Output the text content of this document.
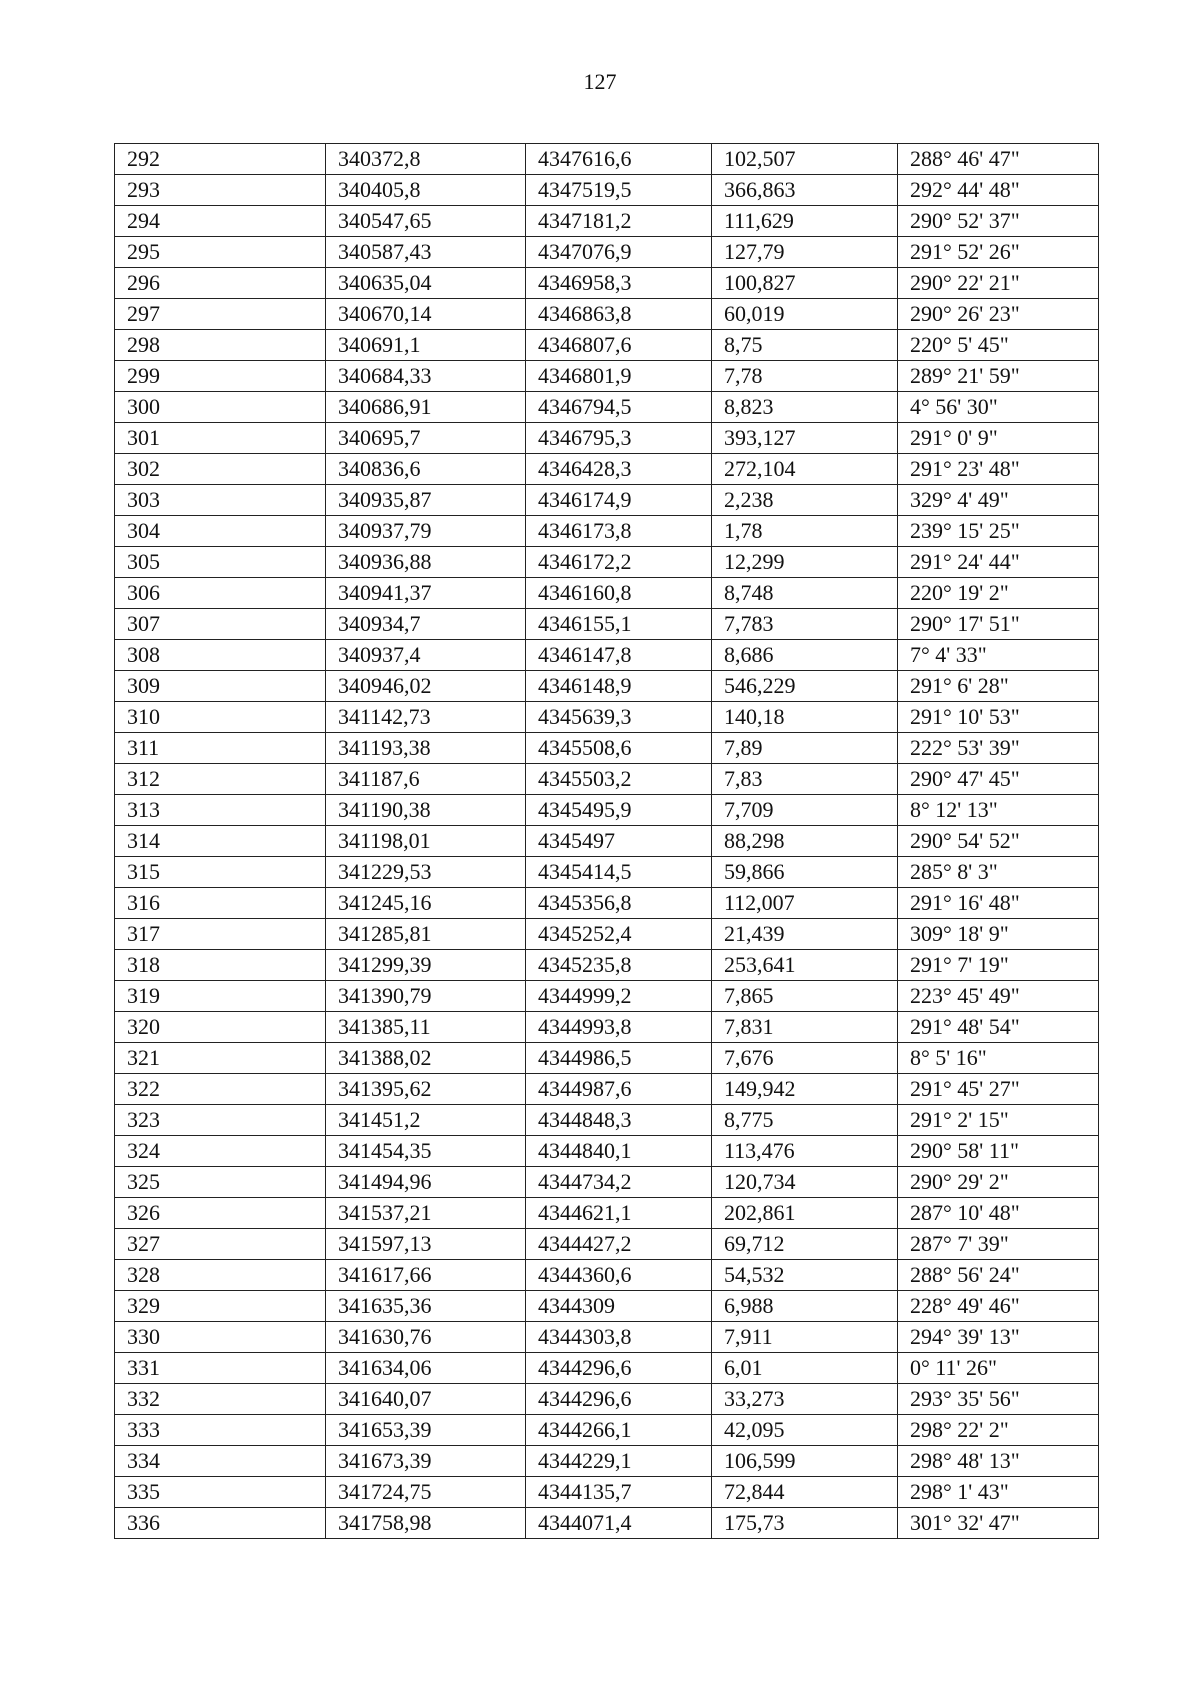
127
292	340372,8	4347616,6	102,507	288° 46' 47"
293	340405,8	4347519,5	366,863	292° 44' 48"
294	340547,65	4347181,2	111,629	290° 52' 37"
295	340587,43	4347076,9	127,79	291° 52' 26"
296	340635,04	4346958,3	100,827	290° 22' 21"
297	340670,14	4346863,8	60,019	290° 26' 23"
298	340691,1	4346807,6	8,75	220° 5' 45"
299	340684,33	4346801,9	7,78	289° 21' 59"
300	340686,91	4346794,5	8,823	4° 56' 30"
301	340695,7	4346795,3	393,127	291° 0' 9"
302	340836,6	4346428,3	272,104	291° 23' 48"
303	340935,87	4346174,9	2,238	329° 4' 49"
304	340937,79	4346173,8	1,78	239° 15' 25"
305	340936,88	4346172,2	12,299	291° 24' 44"
306	340941,37	4346160,8	8,748	220° 19' 2"
307	340934,7	4346155,1	7,783	290° 17' 51"
308	340937,4	4346147,8	8,686	7° 4' 33"
309	340946,02	4346148,9	546,229	291° 6' 28"
310	341142,73	4345639,3	140,18	291° 10' 53"
311	341193,38	4345508,6	7,89	222° 53' 39"
312	341187,6	4345503,2	7,83	290° 47' 45"
313	341190,38	4345495,9	7,709	8° 12' 13"
314	341198,01	4345497	88,298	290° 54' 52"
315	341229,53	4345414,5	59,866	285° 8' 3"
316	341245,16	4345356,8	112,007	291° 16' 48"
317	341285,81	4345252,4	21,439	309° 18' 9"
318	341299,39	4345235,8	253,641	291° 7' 19"
319	341390,79	4344999,2	7,865	223° 45' 49"
320	341385,11	4344993,8	7,831	291° 48' 54"
321	341388,02	4344986,5	7,676	8° 5' 16"
322	341395,62	4344987,6	149,942	291° 45' 27"
323	341451,2	4344848,3	8,775	291° 2' 15"
324	341454,35	4344840,1	113,476	290° 58' 11"
325	341494,96	4344734,2	120,734	290° 29' 2"
326	341537,21	4344621,1	202,861	287° 10' 48"
327	341597,13	4344427,2	69,712	287° 7' 39"
328	341617,66	4344360,6	54,532	288° 56' 24"
329	341635,36	4344309	6,988	228° 49' 46"
330	341630,76	4344303,8	7,911	294° 39' 13"
331	341634,06	4344296,6	6,01	0° 11' 26"
332	341640,07	4344296,6	33,273	293° 35' 56"
333	341653,39	4344266,1	42,095	298° 22' 2"
334	341673,39	4344229,1	106,599	298° 48' 13"
335	341724,75	4344135,7	72,844	298° 1' 43"
336	341758,98	4344071,4	175,73	301° 32' 47"
